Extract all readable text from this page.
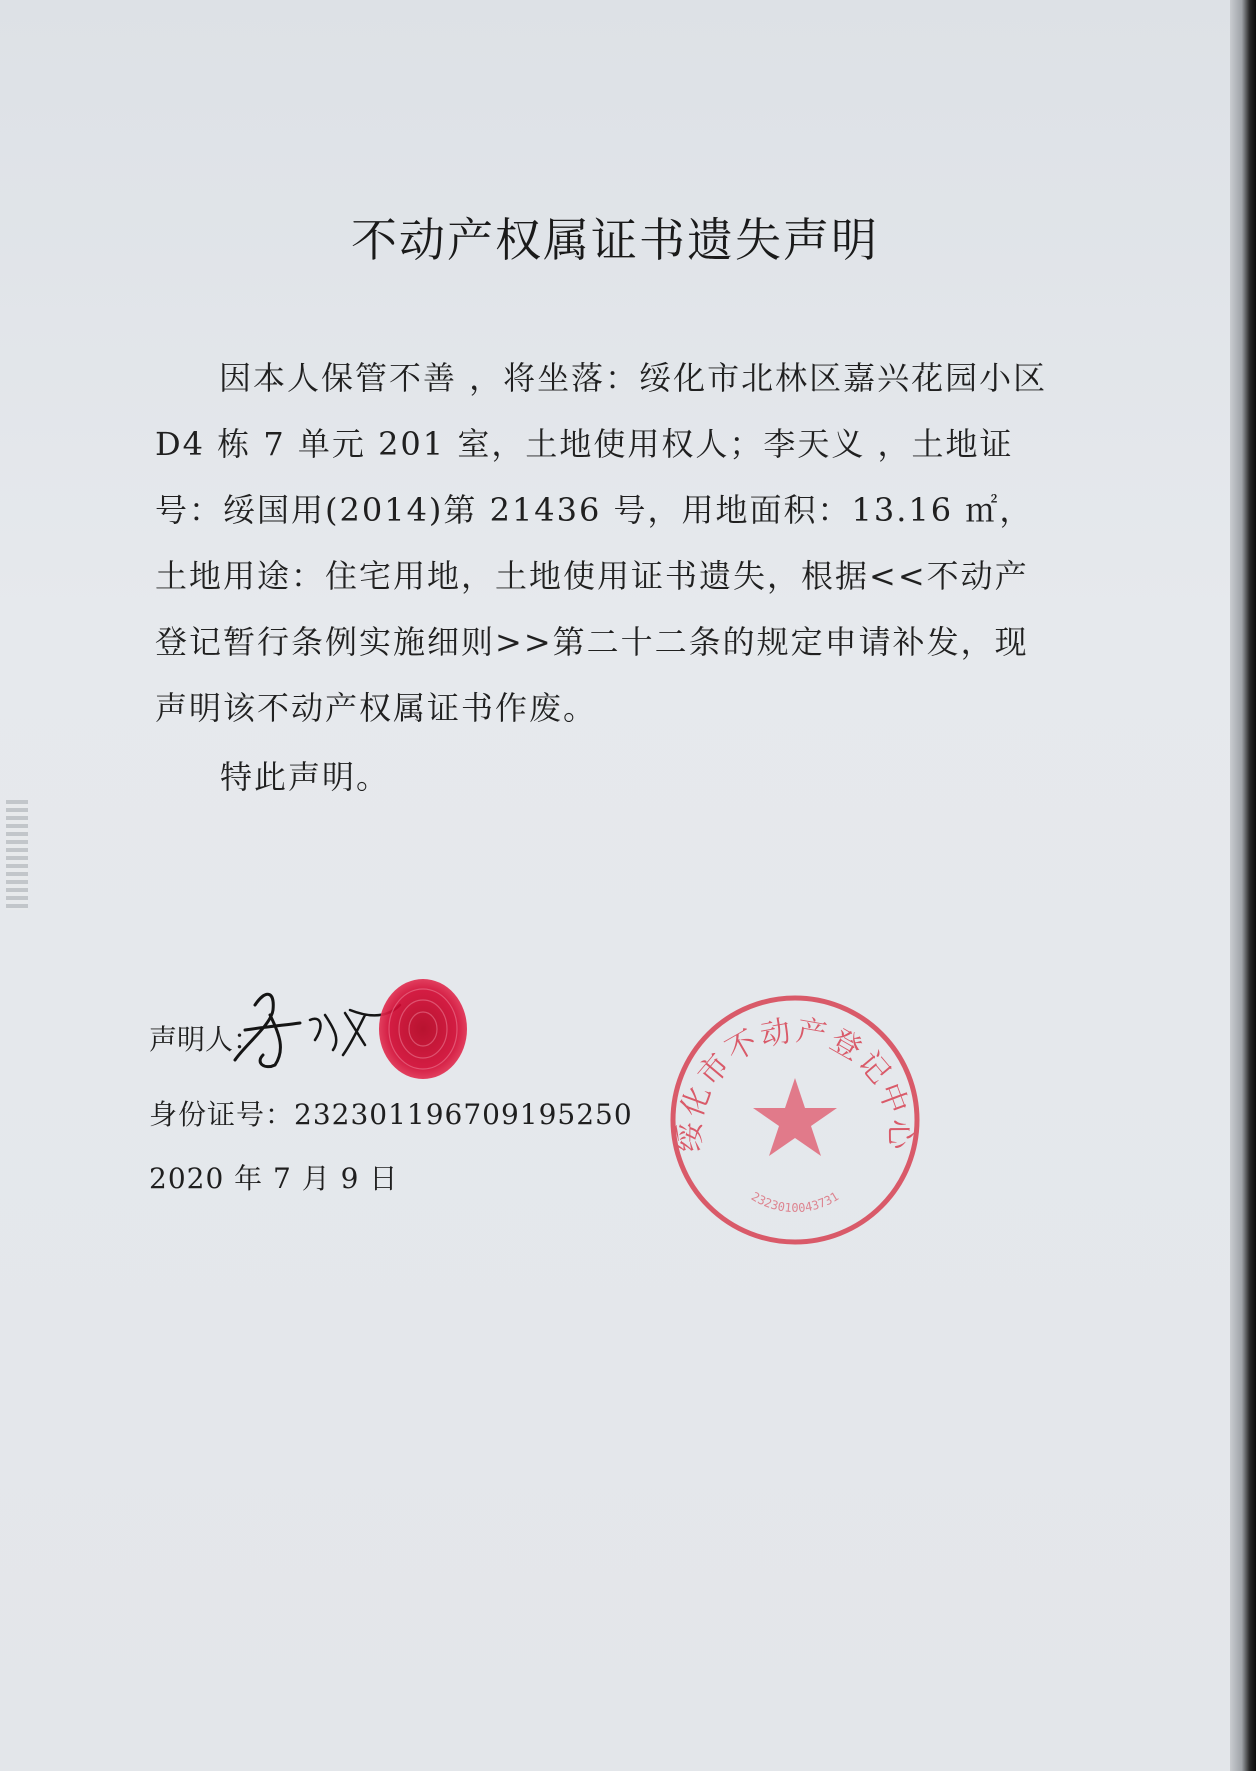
不动产权属证书遗失声明

因本人保管不善 ，将坐落：绥化市北林区嘉兴花园小区 D4 栋 7 单元 201 室，土地使用权人；李天义 ，土地证号：绥国用(2014)第 21436 号，用地面积：13.16 ㎡，土地用途：住宅用地，土地使用证书遗失，根据<<不动产登记暂行条例实施细则>>第二十二条的规定申请补发，现声明该不动产权属证书作废。

特此声明。
声明人：
身份证号：232301196709195250
2020 年 7 月 9 日
绥化市不动产登记中心
2323010043731
